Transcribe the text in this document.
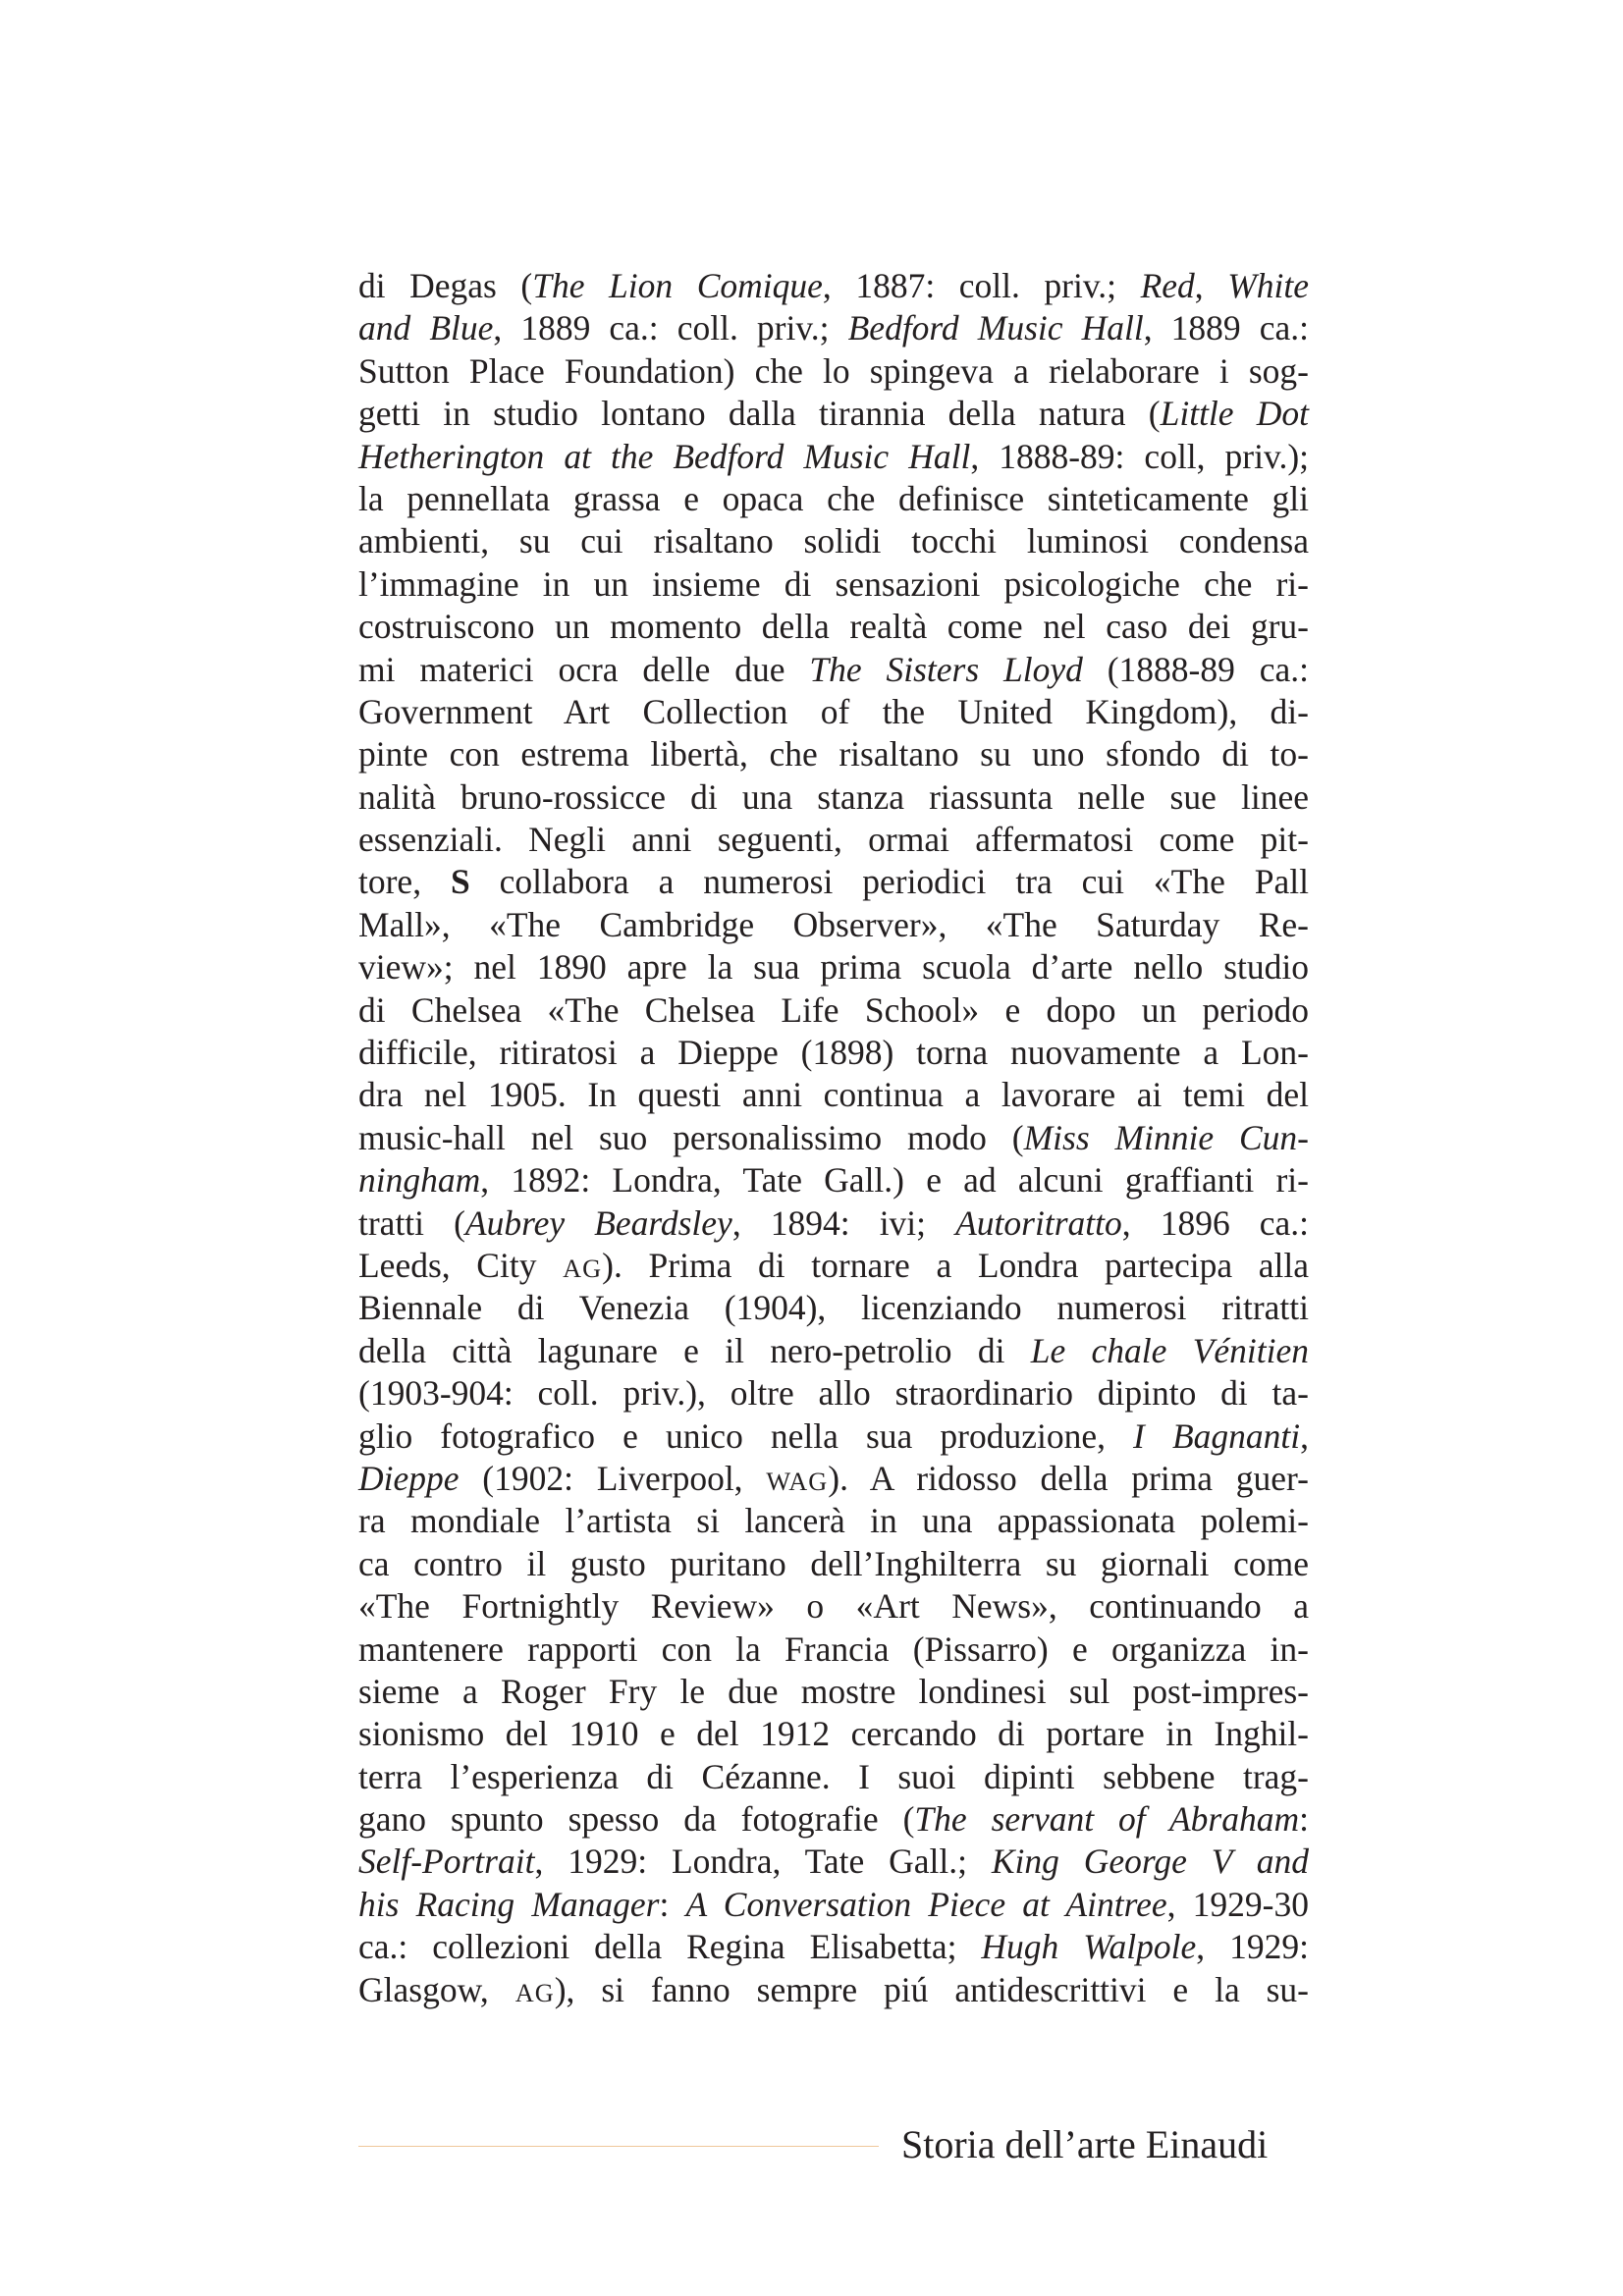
di Degas (The Lion Comique, 1887: coll. priv.; Red, White
and Blue, 1889 ca.: coll. priv.; Bedford Music Hall, 1889 ca.:
Sutton Place Foundation) che lo spingeva a rielaborare i sog-
getti in studio lontano dalla tirannia della natura (Little Dot
Hetherington at the Bedford Music Hall, 1888-89: coll, priv.);
la pennellata grassa e opaca che definisce sinteticamente gli
ambienti, su cui risaltano solidi tocchi luminosi condensa
l’immagine in un insieme di sensazioni psicologiche che ri-
costruiscono un momento della realtà come nel caso dei gru-
mi materici ocra delle due The Sisters Lloyd (1888-89 ca.:
Government Art Collection of the United Kingdom), di-
pinte con estrema libertà, che risaltano su uno sfondo di to-
nalità bruno-rossicce di una stanza riassunta nelle sue linee
essenziali. Negli anni seguenti, ormai affermatosi come pit-
tore, S collabora a numerosi periodici tra cui «The Pall
Mall», «The Cambridge Observer», «The Saturday Re-
view»; nel 1890 apre la sua prima scuola d’arte nello studio
di Chelsea «The Chelsea Life School» e dopo un periodo
difficile, ritiratosi a Dieppe (1898) torna nuovamente a Lon-
dra nel 1905. In questi anni continua a lavorare ai temi del
music-hall nel suo personalissimo modo (Miss Minnie Cun-
ningham, 1892: Londra, Tate Gall.) e ad alcuni graffianti ri-
tratti (Aubrey Beardsley, 1894: ivi; Autoritratto, 1896 ca.:
Leeds, City AG). Prima di tornare a Londra partecipa alla
Biennale di Venezia (1904), licenziando numerosi ritratti
della città lagunare e il nero-petrolio di Le chale Vénitien
(1903-904: coll. priv.), oltre allo straordinario dipinto di ta-
glio fotografico e unico nella sua produzione, I Bagnanti,
Dieppe (1902: Liverpool, WAG). A ridosso della prima guer-
ra mondiale l’artista si lancerà in una appassionata polemi-
ca contro il gusto puritano dell’Inghilterra su giornali come
«The Fortnightly Review» o «Art News», continuando a
mantenere rapporti con la Francia (Pissarro) e organizza in-
sieme a Roger Fry le due mostre londinesi sul post-impres-
sionismo del 1910 e del 1912 cercando di portare in Inghil-
terra l’esperienza di Cézanne. I suoi dipinti sebbene trag-
gano spunto spesso da fotografie (The servant of Abraham:
Self-Portrait, 1929: Londra, Tate Gall.; King George V and
his Racing Manager: A Conversation Piece at Aintree, 1929-30
ca.: collezioni della Regina Elisabetta; Hugh Walpole, 1929:
Glasgow, AG), si fanno sempre piú antidescrittivi e la su-
Storia dell’arte Einaudi
